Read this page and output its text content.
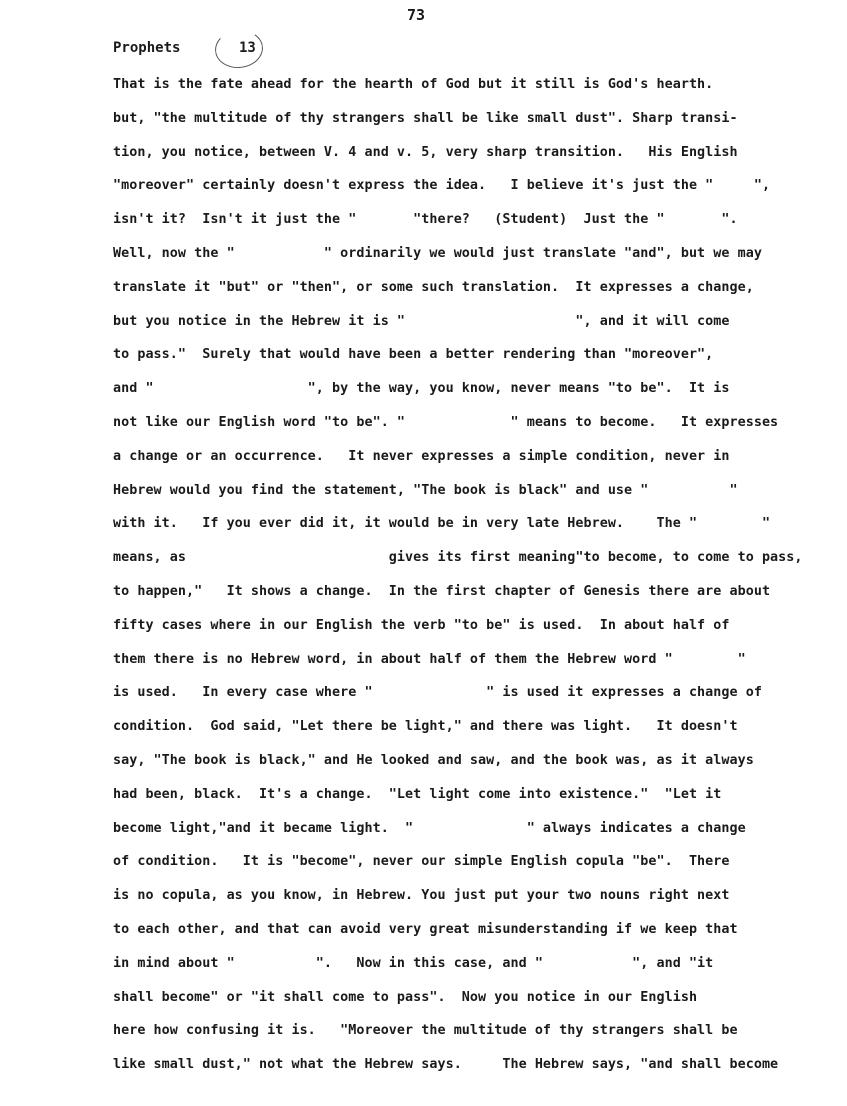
73
Prophets	13
That is the fate ahead for the hearth of God but it still is God's hearth.
but, "the multitude of thy strangers shall be like small dust". Sharp transi-
tion, you notice, between V. 4 and v. 5, very sharp transition.   His English
"moreover" certainly doesn't express the idea.   I believe it's just the "     ",
isn't it?  Isn't it just the "       "there?   (Student)  Just the "       ".
Well, now the "           " ordinarily we would just translate "and", but we may
translate it "but" or "then", or some such translation.  It expresses a change,
but you notice in the Hebrew it is "                     ", and it will come
to pass."  Surely that would have been a better rendering than "moreover",
and "                   ", by the way, you know, never means "to be".  It is
not like our English word "to be". "             " means to become.   It expresses
a change or an occurrence.   It never expresses a simple condition, never in
Hebrew would you find the statement, "The book is black" and use "          "
with it.   If you ever did it, it would be in very late Hebrew.    The "        "
means, as                         gives its first meaning"to become, to come to pass,
to happen,"   It shows a change.  In the first chapter of Genesis there are about
fifty cases where in our English the verb "to be" is used.  In about half of
them there is no Hebrew word, in about half of them the Hebrew word "        "
is used.   In every case where "              " is used it expresses a change of
condition.  God said, "Let there be light," and there was light.   It doesn't
say, "The book is black," and He looked and saw, and the book was, as it always
had been, black.  It's a change.  "Let light come into existence."  "Let it
become light,"and it became light.  "              " always indicates a change
of condition.   It is "become", never our simple English copula "be".  There
is no copula, as you know, in Hebrew. You just put your two nouns right next
to each other, and that can avoid very great misunderstanding if we keep that
in mind about "          ".   Now in this case, and "           ", and "it
shall become" or "it shall come to pass".  Now you notice in our English
here how confusing it is.   "Moreover the multitude of thy strangers shall be
like small dust," not what the Hebrew says.     The Hebrew says, "and shall become
